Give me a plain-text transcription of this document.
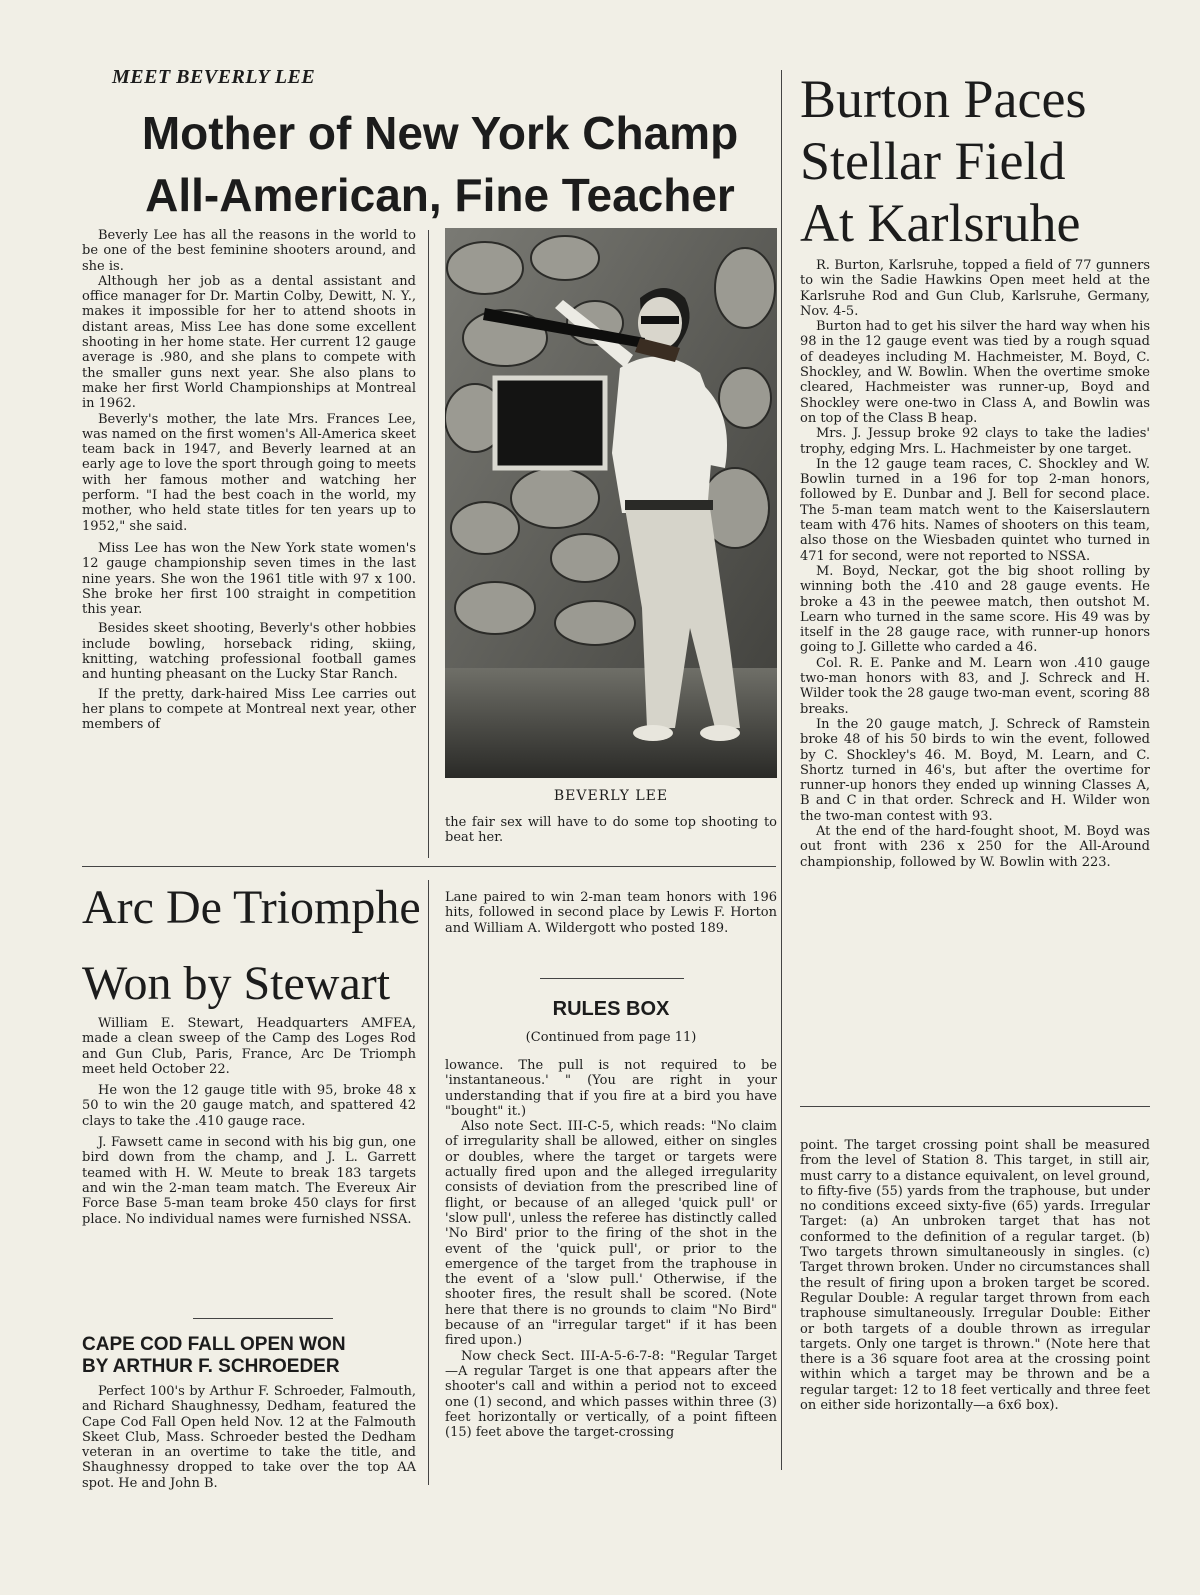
MEET BEVERLY LEE
Mother of New York Champ
All-American, Fine Teacher

Beverly Lee has all the reasons in the world to be one of the best feminine shooters around, and she is.

Although her job as a dental assistant and office manager for Dr. Martin Colby, Dewitt, N. Y., makes it impossible for her to attend shoots in distant areas, Miss Lee has done some excellent shooting in her home state. Her current 12 gauge average is .980, and she plans to compete with the smaller guns next year. She also plans to make her first World Championships at Montreal in 1962.

Beverly's mother, the late Mrs. Frances Lee, was named on the first women's All-America skeet team back in 1947, and Beverly learned at an early age to love the sport through going to meets with her famous mother and watching her perform. "I had the best coach in the world, my mother, who held state titles for ten years up to 1952," she said.

Miss Lee has won the New York state women's 12 gauge championship seven times in the last nine years. She won the 1961 title with 97 x 100. She broke her first 100 straight in competition this year.

Besides skeet shooting, Beverly's other hobbies include bowling, horseback riding, skiing, knitting, watching professional football games and hunting pheasant on the Lucky Star Ranch.

If the pretty, dark-haired Miss Lee carries out her plans to compete at Montreal next year, other members of

BEVERLY LEE

the fair sex will have to do some top shooting to beat her.

Burton Paces
Stellar Field
At Karlsruhe

R. Burton, Karlsruhe, topped a field of 77 gunners to win the Sadie Hawkins Open meet held at the Karlsruhe Rod and Gun Club, Karlsruhe, Germany, Nov. 4-5.

Burton had to get his silver the hard way when his 98 in the 12 gauge event was tied by a rough squad of deadeyes including M. Hachmeister, M. Boyd, C. Shockley, and W. Bowlin. When the overtime smoke cleared, Hachmeister was runner-up, Boyd and Shockley were one-two in Class A, and Bowlin was on top of the Class B heap.

Mrs. J. Jessup broke 92 clays to take the ladies' trophy, edging Mrs. L. Hachmeister by one target.

In the 12 gauge team races, C. Shockley and W. Bowlin turned in a 196 for top 2-man honors, followed by E. Dunbar and J. Bell for second place. The 5-man team match went to the Kaiserslautern team with 476 hits. Names of shooters on this team, also those on the Wiesbaden quintet who turned in 471 for second, were not reported to NSSA.

M. Boyd, Neckar, got the big shoot rolling by winning both the .410 and 28 gauge events. He broke a 43 in the peewee match, then outshot M. Learn who turned in the same score. His 49 was by itself in the 28 gauge race, with runner-up honors going to J. Gillette who carded a 46.

Col. R. E. Panke and M. Learn won .410 gauge two-man honors with 83, and J. Schreck and H. Wilder took the 28 gauge two-man event, scoring 88 breaks.

In the 20 gauge match, J. Schreck of Ramstein broke 48 of his 50 birds to win the event, followed by C. Shockley's 46. M. Boyd, M. Learn, and C. Shortz turned in 46's, but after the overtime for runner-up honors they ended up winning Classes A, B and C in that order. Schreck and H. Wilder won the two-man contest with 93.

At the end of the hard-fought shoot, M. Boyd was out front with 236 x 250 for the All-Around championship, followed by W. Bowlin with 223.

Arc De Triomphe
Won by Stewart

William E. Stewart, Headquarters AMFEA, made a clean sweep of the Camp des Loges Rod and Gun Club, Paris, France, Arc De Triomph meet held October 22.

He won the 12 gauge title with 95, broke 48 x 50 to win the 20 gauge match, and spattered 42 clays to take the .410 gauge race.

J. Fawsett came in second with his big gun, one bird down from the champ, and J. L. Garrett teamed with H. W. Meute to break 183 targets and win the 2-man team match. The Evereux Air Force Base 5-man team broke 450 clays for first place. No individual names were furnished NSSA.

CAPE COD FALL OPEN WON
BY ARTHUR F. SCHROEDER

Perfect 100's by Arthur F. Schroeder, Falmouth, and Richard Shaughnessy, Dedham, featured the Cape Cod Fall Open held Nov. 12 at the Falmouth Skeet Club, Mass. Schroeder bested the Dedham veteran in an overtime to take the title, and Shaughnessy dropped to take over the top AA spot. He and John B.

Lane paired to win 2-man team honors with 196 hits, followed in second place by Lewis F. Horton and William A. Wildergott who posted 189.

RULES BOX
(Continued from page 11)

lowance. The pull is not required to be 'instantaneous.' " (You are right in your understanding that if you fire at a bird you have "bought" it.)

Also note Sect. III-C-5, which reads: "No claim of irregularity shall be allowed, either on singles or doubles, where the target or targets were actually fired upon and the alleged irregularity consists of deviation from the prescribed line of flight, or because of an alleged 'quick pull' or 'slow pull', unless the referee has distinctly called 'No Bird' prior to the firing of the shot in the event of the 'quick pull', or prior to the emergence of the target from the traphouse in the event of a 'slow pull.' Otherwise, if the shooter fires, the result shall be scored. (Note here that there is no grounds to claim "No Bird" because of an "irregular target" if it has been fired upon.)

Now check Sect. III-A-5-6-7-8: "Regular Target—A regular Target is one that appears after the shooter's call and within a period not to exceed one (1) second, and which passes within three (3) feet horizontally or vertically, of a point fifteen (15) feet above the target-crossing

point. The target crossing point shall be measured from the level of Station 8. This target, in still air, must carry to a distance equivalent, on level ground, to fifty-five (55) yards from the traphouse, but under no conditions exceed sixty-five (65) yards. Irregular Target: (a) An unbroken target that has not conformed to the definition of a regular target. (b) Two targets thrown simultaneously in singles. (c) Target thrown broken. Under no circumstances shall the result of firing upon a broken target be scored. Regular Double: A regular target thrown from each traphouse simultaneously. Irregular Double: Either or both targets of a double thrown as irregular targets. Only one target is thrown." (Note here that there is a 36 square foot area at the crossing point within which a target may be thrown and be a regular target: 12 to 18 feet vertically and three feet on either side horizontally—a 6x6 box).
